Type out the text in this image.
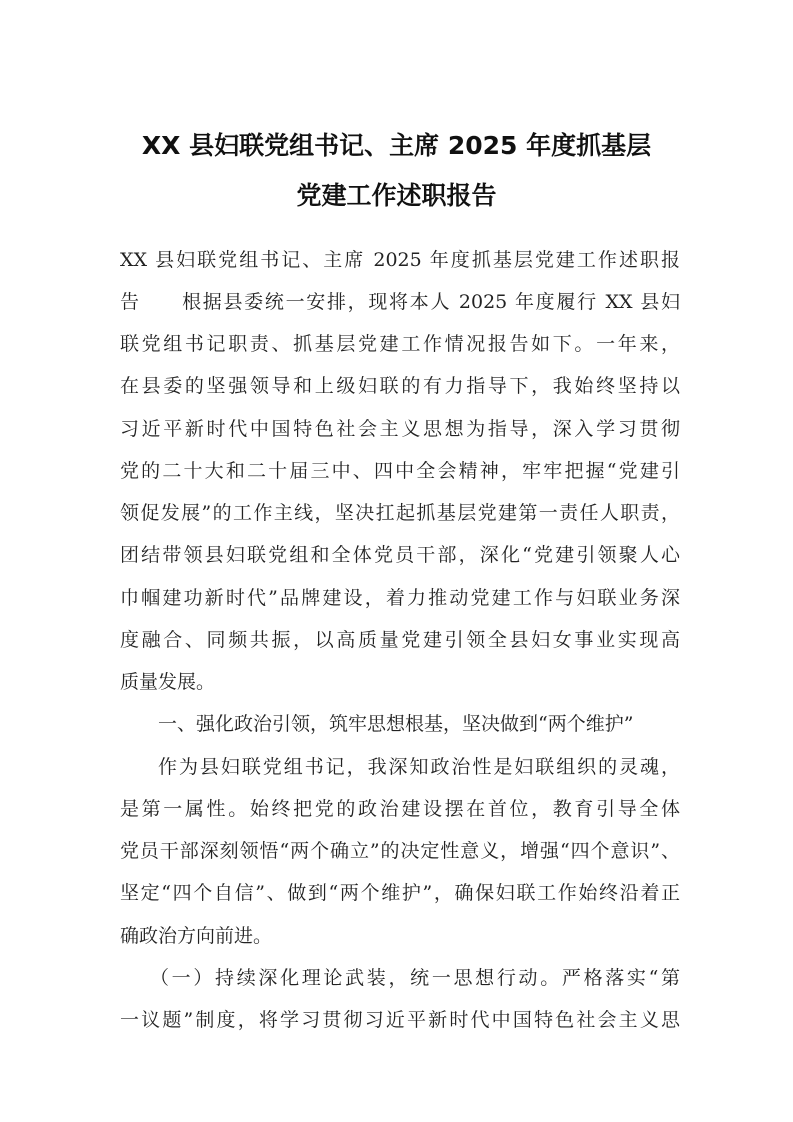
XX 县妇联党组书记、主席 2025 年度抓基层
党建工作述职报告
XX 县妇联党组书记、主席 2025 年度抓基层党建工作述职报
告　　根据县委统一安排，现将本人 2025 年度履行 XX 县妇
联党组书记职责、抓基层党建工作情况报告如下。一年来，
在县委的坚强领导和上级妇联的有力指导下，我始终坚持以
习近平新时代中国特色社会主义思想为指导，深入学习贯彻
党的二十大和二十届三中、四中全会精神，牢牢把握“党建引
领促发展”的工作主线，坚决扛起抓基层党建第一责任人职责，
团结带领县妇联党组和全体党员干部，深化“党建引领聚人心
巾帼建功新时代”品牌建设，着力推动党建工作与妇联业务深
度融合、同频共振，以高质量党建引领全县妇女事业实现高
质量发展。
一、强化政治引领，筑牢思想根基，坚决做到“两个维护”
作为县妇联党组书记，我深知政治性是妇联组织的灵魂，
是第一属性。始终把党的政治建设摆在首位，教育引导全体
党员干部深刻领悟“两个确立”的决定性意义，增强“四个意识”、
坚定“四个自信”、做到“两个维护”，确保妇联工作始终沿着正
确政治方向前进。
（一）持续深化理论武装，统一思想行动。严格落实“第
一议题”制度，将学习贯彻习近平新时代中国特色社会主义思
